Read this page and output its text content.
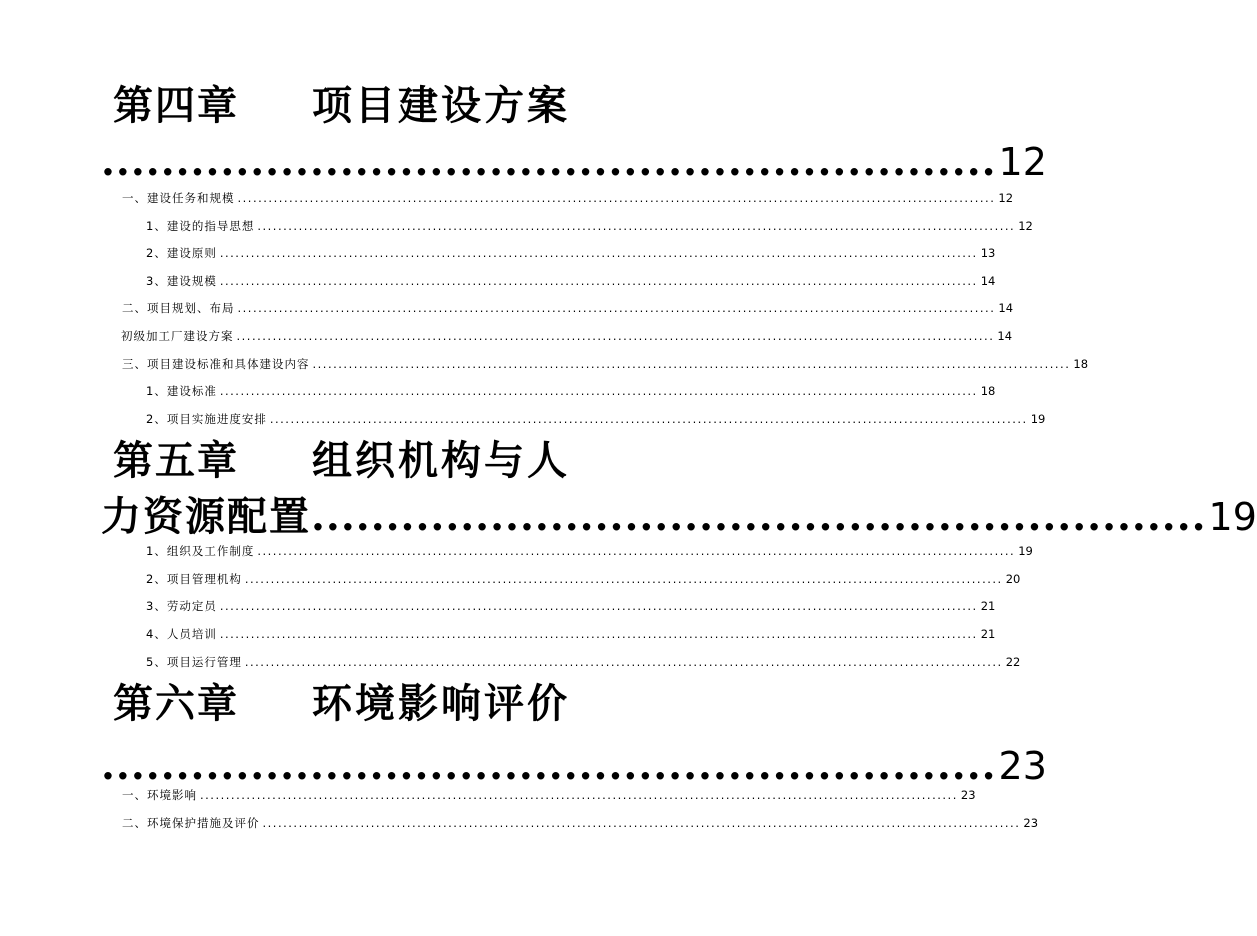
第四章 项目建设方案
............................................................ 12
一、建设任务和规模 ................................................................................................................................................... 12
1、建设的指导思想 ................................................................................................................................................... 12
2、建设原则 ................................................................................................................................................... 13
3、建设规模 ................................................................................................................................................... 14
二、项目规划、布局 ................................................................................................................................................... 14
初级加工厂建设方案 ................................................................................................................................................... 14
三、项目建设标准和具体建设内容 ................................................................................................................................................... 18
1、建设标准 ................................................................................................................................................... 18
2、项目实施进度安排 ................................................................................................................................................... 19
第五章 组织机构与人
力资源配置 ............................................................ 19
1、组织及工作制度 ................................................................................................................................................... 19
2、项目管理机构 ................................................................................................................................................... 20
3、劳动定员 ................................................................................................................................................... 21
4、人员培训 ................................................................................................................................................... 21
5、项目运行管理 ................................................................................................................................................... 22
第六章 环境影响评价
............................................................ 23
一、环境影响 ................................................................................................................................................... 23
二、环境保护措施及评价 ................................................................................................................................................... 23
